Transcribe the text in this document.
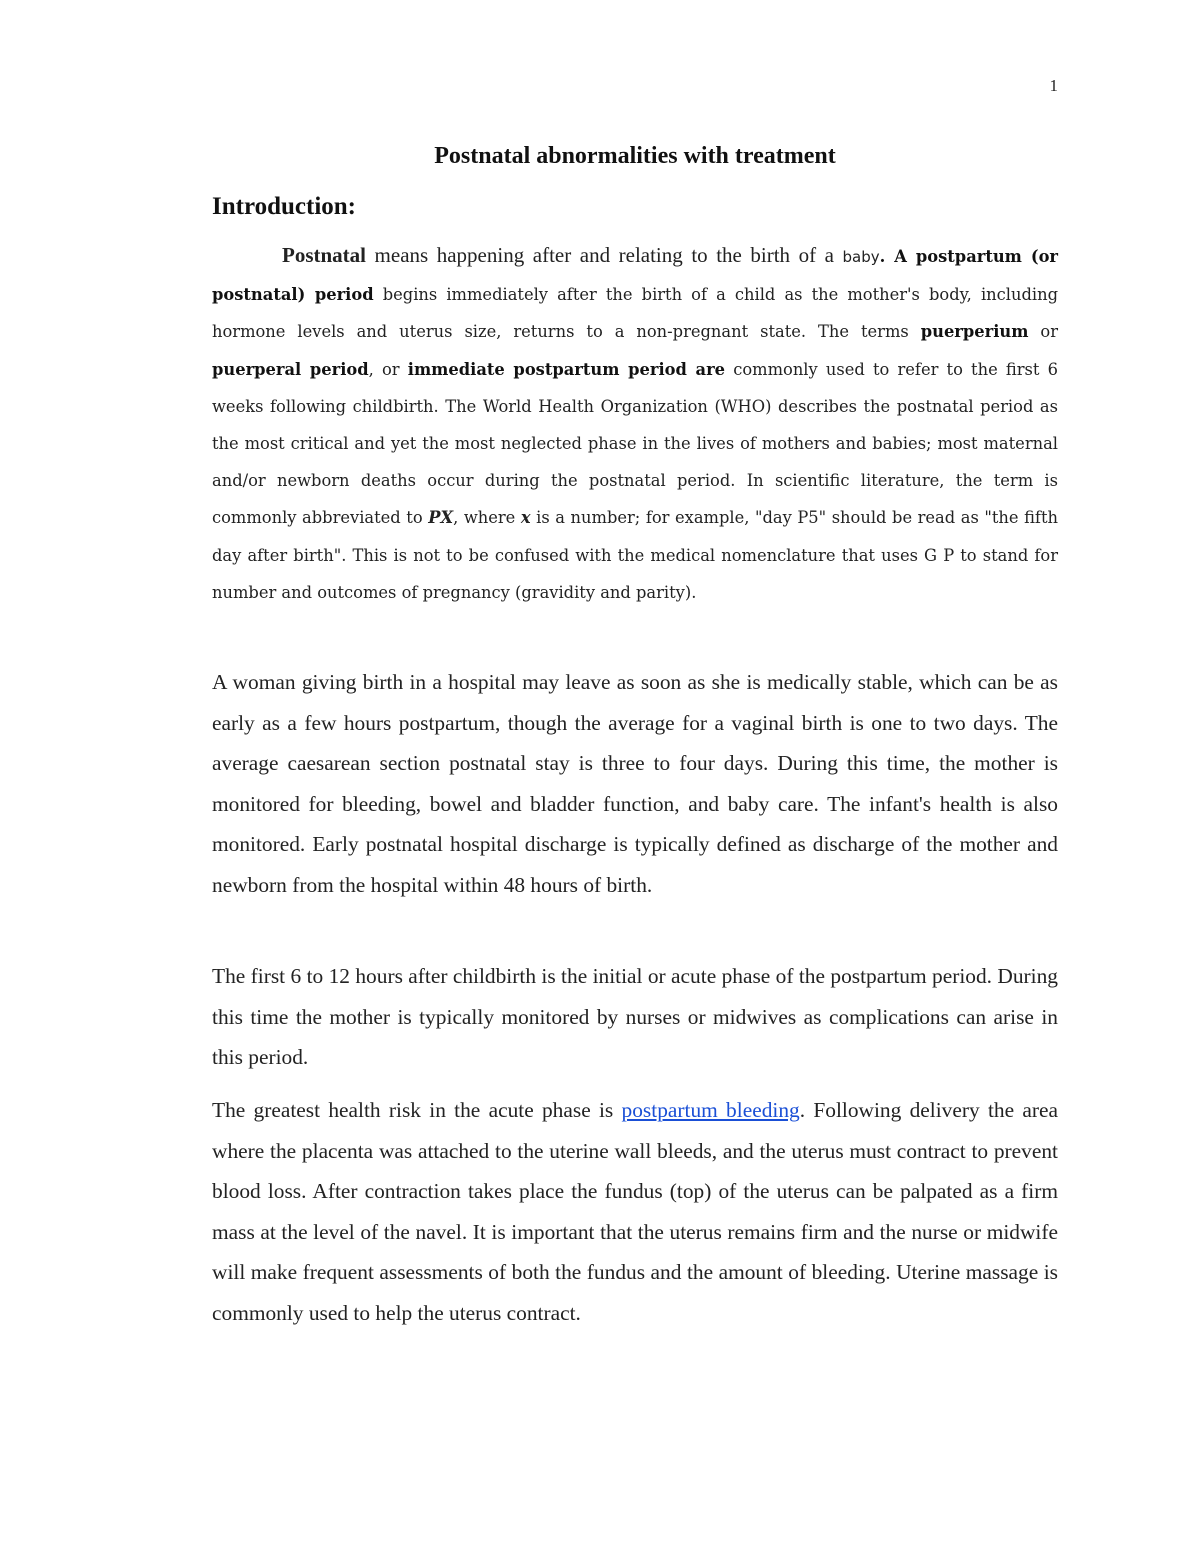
1
Postnatal abnormalities with treatment
Introduction:

Postnatal means happening after and relating to the birth of a baby. A postpartum (or postnatal) period begins immediately after the birth of a child as the mother's body, including hormone levels and uterus size, returns to a non-pregnant state. The terms puerperium or puerperal period, or immediate postpartum period are commonly used to refer to the first 6 weeks following childbirth. The World Health Organization (WHO) describes the postnatal period as the most critical and yet the most neglected phase in the lives of mothers and babies; most maternal and/or newborn deaths occur during the postnatal period. In scientific literature, the term is commonly abbreviated to PX, where x is a number; for example, "day P5" should be read as "the fifth day after birth". This is not to be confused with the medical nomenclature that uses G P to stand for number and outcomes of pregnancy (gravidity and parity).

A woman giving birth in a hospital may leave as soon as she is medically stable, which can be as early as a few hours postpartum, though the average for a vaginal birth is one to two days. The average caesarean section postnatal stay is three to four days. During this time, the mother is monitored for bleeding, bowel and bladder function, and baby care. The infant's health is also monitored. Early postnatal hospital discharge is typically defined as discharge of the mother and newborn from the hospital within 48 hours of birth.

The first 6 to 12 hours after childbirth is the initial or acute phase of the postpartum period. During this time the mother is typically monitored by nurses or midwives as complications can arise in this period.

The greatest health risk in the acute phase is postpartum bleeding. Following delivery the area where the placenta was attached to the uterine wall bleeds, and the uterus must contract to prevent blood loss. After contraction takes place the fundus (top) of the uterus can be palpated as a firm mass at the level of the navel. It is important that the uterus remains firm and the nurse or midwife will make frequent assessments of both the fundus and the amount of bleeding. Uterine massage is commonly used to help the uterus contract.
